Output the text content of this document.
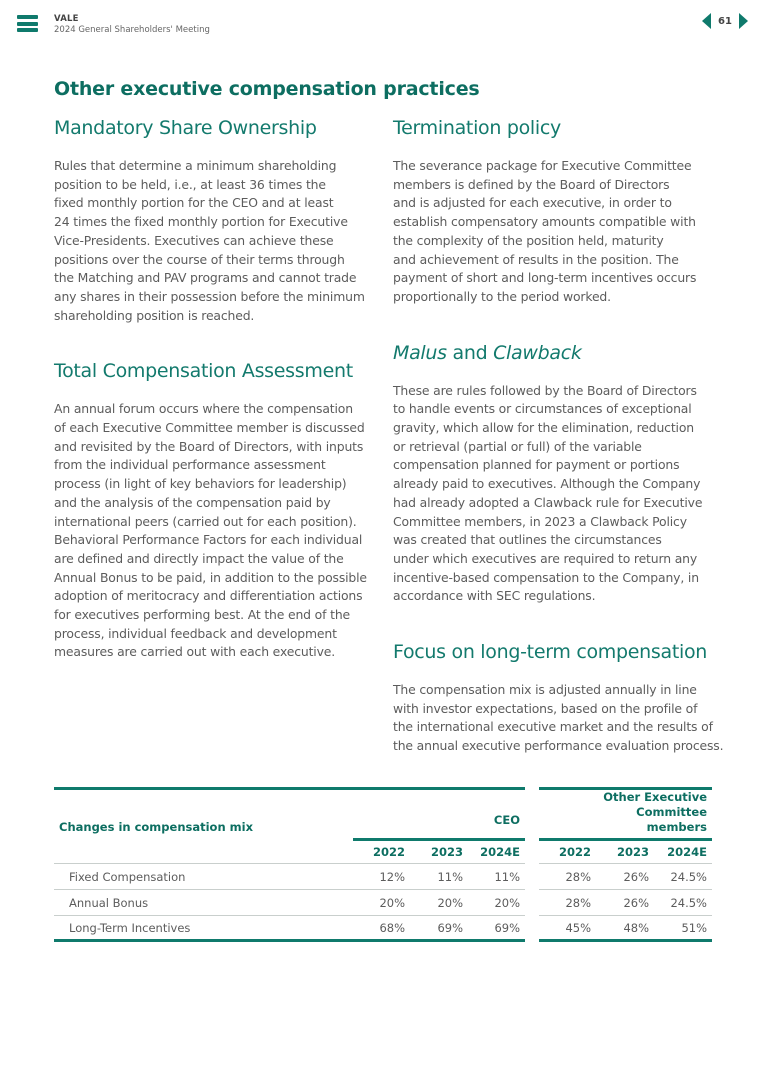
VALE
2024 General Shareholders' Meeting
61
Other executive compensation practices
Mandatory Share Ownership

Rules that determine a minimum shareholding
position to be held, i.e., at least 36 times the
fixed monthly portion for the CEO and at least
24 times the fixed monthly portion for Executive
Vice-Presidents. Executives can achieve these
positions over the course of their terms through
the Matching and PAV programs and cannot trade
any shares in their possession before the minimum
shareholding position is reached.

Total Compensation Assessment

An annual forum occurs where the compensation
of each Executive Committee member is discussed
and revisited by the Board of Directors, with inputs
from the individual performance assessment
process (in light of key behaviors for leadership)
and the analysis of the compensation paid by
international peers (carried out for each position).
Behavioral Performance Factors for each individual
are defined and directly impact the value of the
Annual Bonus to be paid, in addition to the possible
adoption of meritocracy and differentiation actions
for executives performing best. At the end of the
process, individual feedback and development
measures are carried out with each executive.

Termination policy

The severance package for Executive Committee
members is defined by the Board of Directors
and is adjusted for each executive, in order to
establish compensatory amounts compatible with
the complexity of the position held, maturity
and achievement of results in the position. The
payment of short and long-term incentives occurs
proportionally to the period worked.

Malus and Clawback

These are rules followed by the Board of Directors
to handle events or circumstances of exceptional
gravity, which allow for the elimination, reduction
or retrieval (partial or full) of the variable
compensation planned for payment or portions
already paid to executives. Although the Company
had already adopted a Clawback rule for Executive
Committee members, in 2023 a Clawback Policy
was created that outlines the circumstances
under which executives are required to return any
incentive-based compensation to the Company, in
accordance with SEC regulations.

Focus on long-term compensation

The compensation mix is adjusted annually in line
with investor expectations, based on the profile of
the international executive market and the results of
the annual executive performance evaluation process.

Changes in compensation mix	CEO				Other Executive Committee
members		

	2022	2023	2024E		2022	2023	2024E
Fixed Compensation	12%	11%	11%		28%	26%	24.5%
Annual Bonus	20%	20%	20%		28%	26%	24.5%
Long-Term Incentives	68%	69%	69%		45%	48%	51%
